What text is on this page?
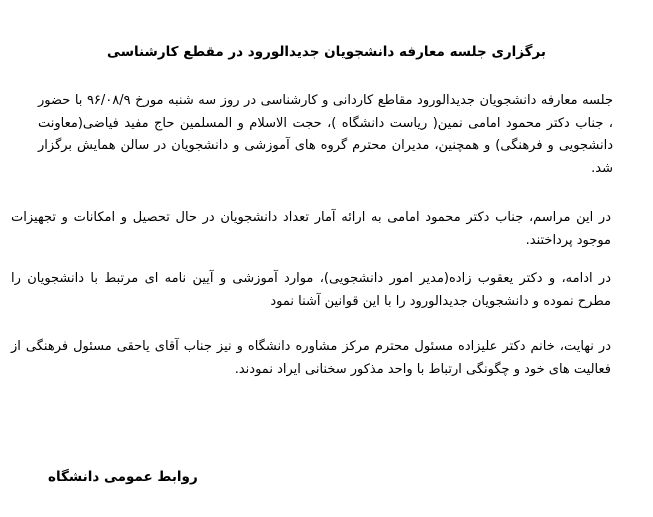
برگزاری جلسه معارفه دانشجویان جدیدالورود در مقطع کارشناسی

جلسه معارفه دانشجویان جدیدالورود مقاطع کاردانی و کارشناسی در روز سه شنبه مورخ ۹۶/۰۸/۹ با حضور ، جناب دکتر محمود امامی نمین( ریاست دانشگاه )، حجت الاسلام و المسلمین حاج مفید فیاضی(معاونت دانشجویی و فرهنگی) و همچنین، مدیران محترم گروه های آموزشی و دانشجویان در سالن همایش برگزار شد.

در این مراسم، جناب دکتر محمود امامی به ارائه آمار تعداد دانشجویان در حال تحصیل و امکانات و تجهیزات موجود پرداختند.

در ادامه، و دکتر یعقوب زاده(مدیر امور دانشجویی)، موارد آموزشی و آیین نامه ای مرتبط با دانشجویان را مطرح نموده و دانشجویان جدیدالورود را با این قوانین آشنا نمود

در نهایت، خانم دکتر علیزاده مسئول محترم مرکز مشاوره دانشگاه و نیز جناب آقای یاحقی مسئول فرهنگی از فعالیت های خود و چگونگی ارتباط با واحد مذکور سخنانی ایراد نمودند.

روابط عمومی دانشگاه
